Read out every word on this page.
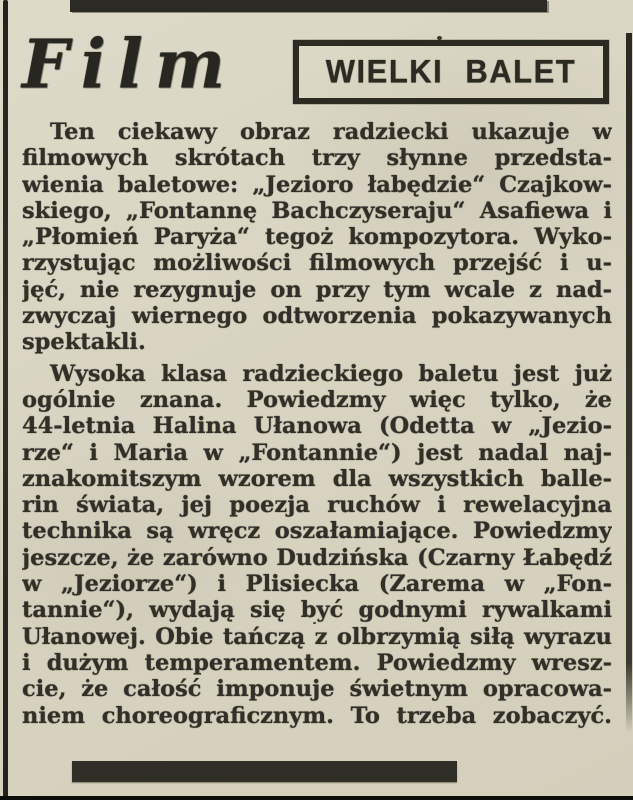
Film	WIELKI BALET
Ten ciekawy obraz radziecki ukazuje w
filmowych skrótach trzy słynne przedsta-
wienia baletowe: „Jezioro łabędzie“ Czajkow-
skiego, „Fontannę Bachczyseraju“ Asafiewa i
„Płomień Paryża“ tegoż kompozytora. Wyko-
rzystując możliwości filmowych przejść i u-
jęć, nie rezygnuje on przy tym wcale z nad-
zwyczaj wiernego odtworzenia pokazywanych
spektakli.
Wysoka klasa radzieckiego baletu jest już
ogólnie znana. Powiedzmy więc tylko, że
44-letnia Halina Ułanowa (Odetta w „Jezio-
rze“ i Maria w „Fontannie“) jest nadal naj-
znakomitszym wzorem dla wszystkich balle-
rin świata, jej poezja ruchów i rewelacyjna
technika są wręcz oszałamiające. Powiedzmy
jeszcze, że zarówno Dudzińska (Czarny Łabędź
w „Jeziorze“) i Plisiecka (Zarema w „Fon-
tannie“), wydają się być godnymi rywalkami
Ułanowej. Obie tańczą z olbrzymią siłą wyrazu
i dużym temperamentem. Powiedzmy wresz-
cie, że całość imponuje świetnym opracowa-
niem choreograficznym. To trzeba zobaczyć.
